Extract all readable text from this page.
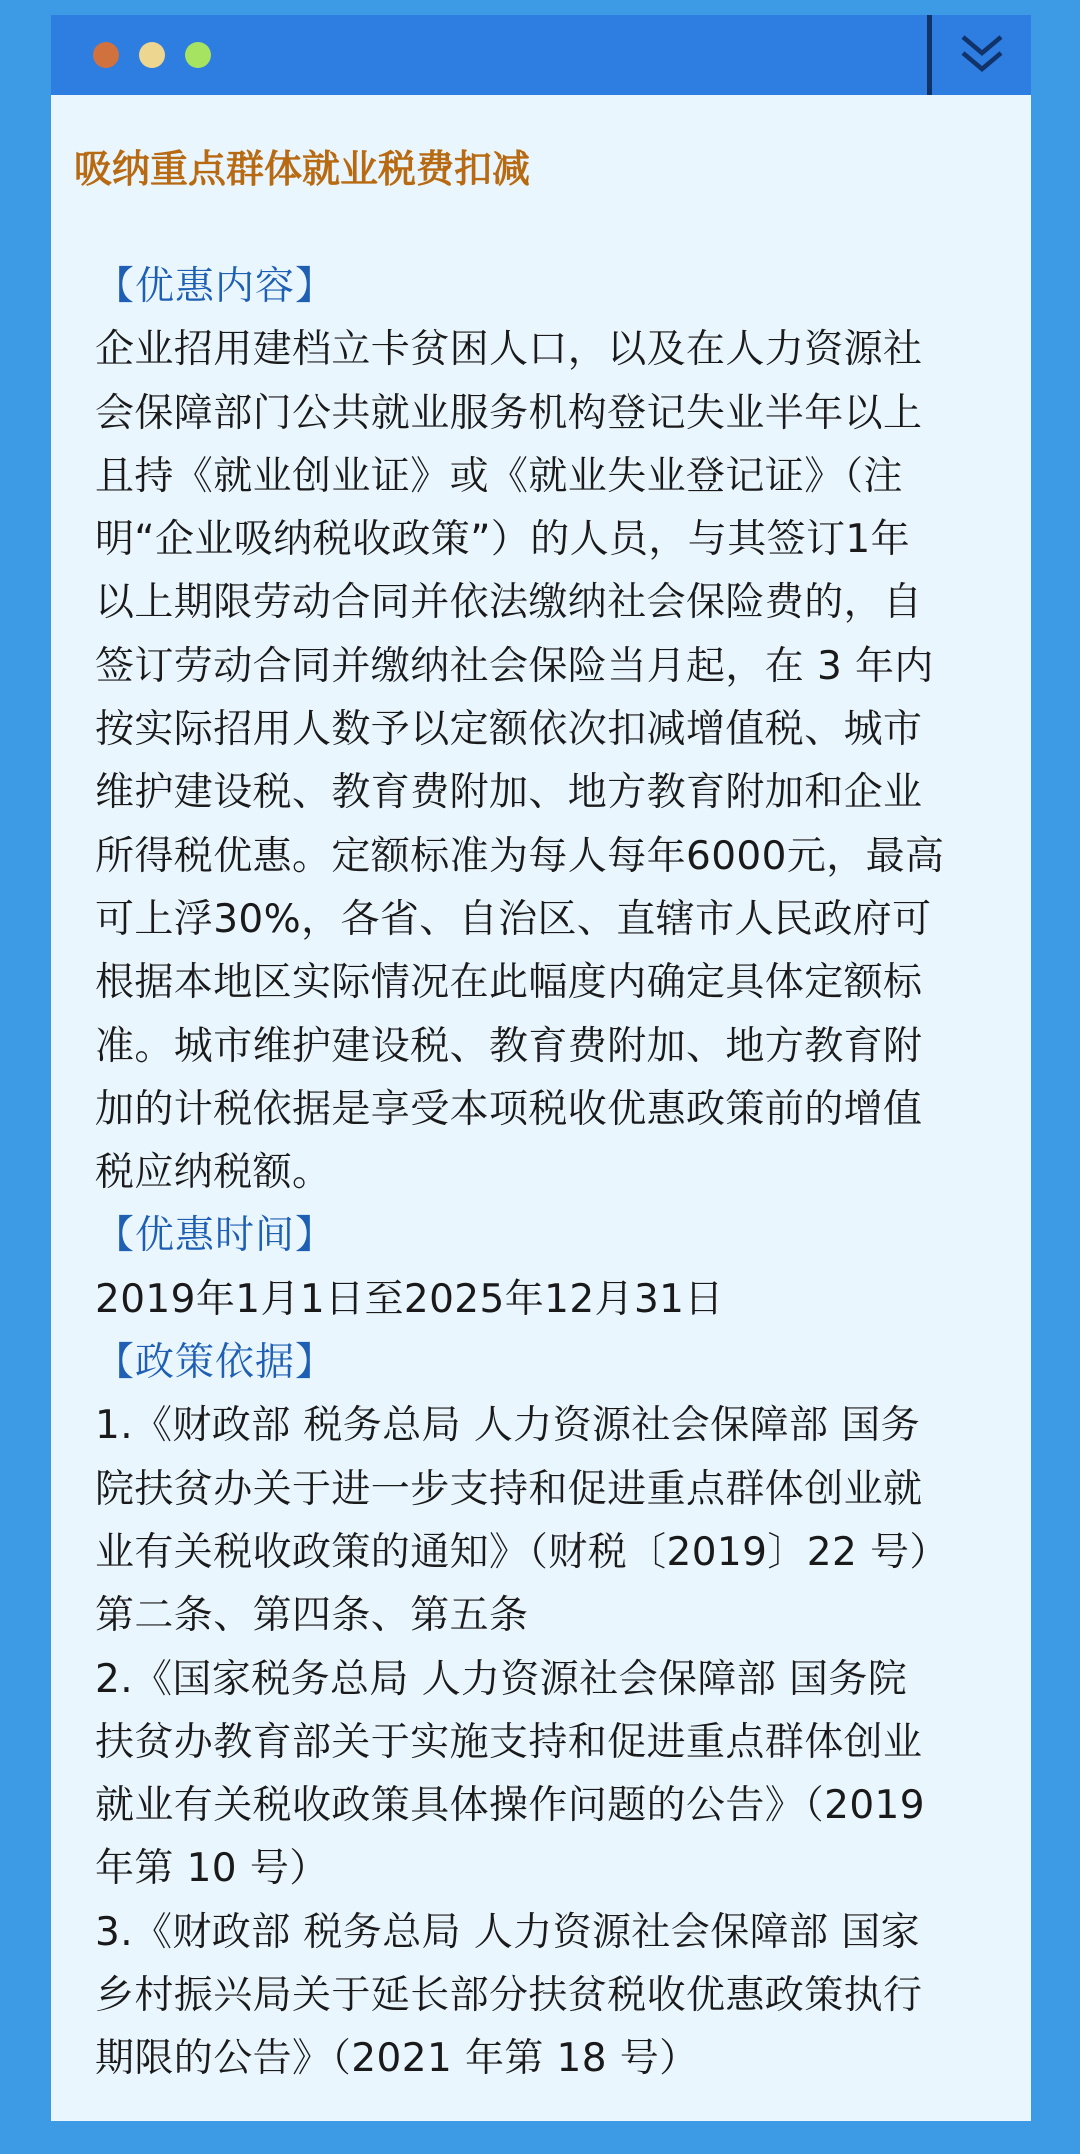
吸纳重点群体就业税费扣减
【优惠内容】
企业招用建档立卡贫困人口，以及在人力资源社
会保障部门公共就业服务机构登记失业半年以上
且持《就业创业证》或《就业失业登记证》（注
明“企业吸纳税收政策”）的人员，与其签订1年
以上期限劳动合同并依法缴纳社会保险费的，自
签订劳动合同并缴纳社会保险当月起，在 3 年内
按实际招用人数予以定额依次扣减增值税、城市
维护建设税、教育费附加、地方教育附加和企业
所得税优惠。定额标准为每人每年6000元，最高
可上浮30%，各省、自治区、直辖市人民政府可
根据本地区实际情况在此幅度内确定具体定额标
准。城市维护建设税、教育费附加、地方教育附
加的计税依据是享受本项税收优惠政策前的增值
税应纳税额。
【优惠时间】
2019年1月1日至2025年12月31日
【政策依据】
1.《财政部 税务总局 人力资源社会保障部 国务
院扶贫办关于进一步支持和促进重点群体创业就
业有关税收政策的通知》（财税〔2019〕22 号）
第二条、第四条、第五条
2.《国家税务总局 人力资源社会保障部 国务院
扶贫办教育部关于实施支持和促进重点群体创业
就业有关税收政策具体操作问题的公告》（2019
年第 10 号）
3.《财政部 税务总局 人力资源社会保障部 国家
乡村振兴局关于延长部分扶贫税收优惠政策执行
期限的公告》（2021 年第 18 号）
